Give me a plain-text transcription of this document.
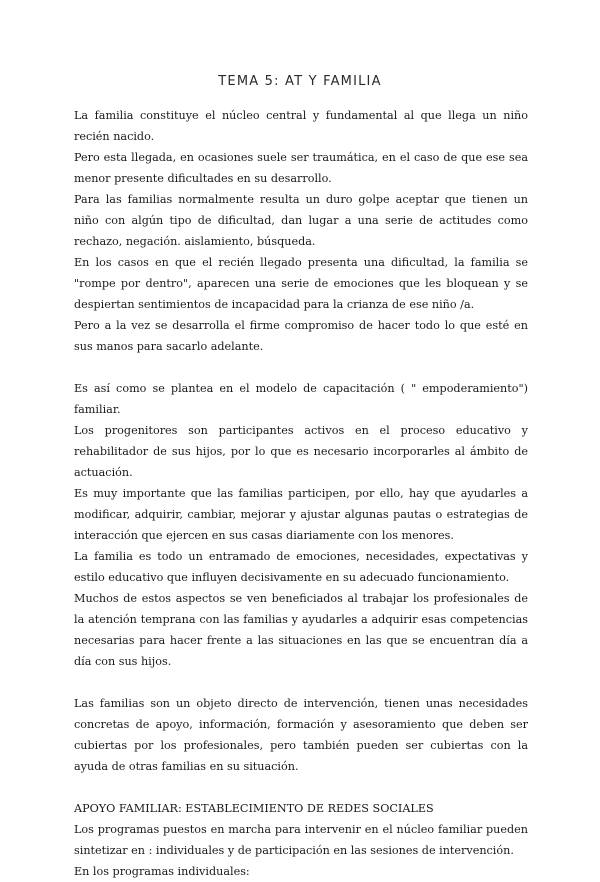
TEMA 5: AT Y FAMILIA

La familia constituye el núcleo central y fundamental al que llega un niño recién nacido.

Pero esta llegada, en ocasiones suele ser traumática, en el caso de que ese sea menor presente dificultades en su desarrollo.

Para las familias normalmente resulta un duro golpe aceptar que tienen un niño con algún tipo de dificultad, dan lugar a una serie de actitudes como rechazo, negación. aislamiento, búsqueda.

En los casos en que el recién llegado presenta una dificultad, la familia se "rompe por dentro", aparecen una serie de emociones que les bloquean y se despiertan sentimientos de incapacidad para la crianza de ese niño /a.

Pero a la vez se desarrolla el firme compromiso de hacer todo lo que esté en sus manos para sacarlo adelante.

Es así como se plantea en el modelo de capacitación ( " empoderamiento") familiar.

Los progenitores son participantes activos en el proceso educativo y rehabilitador de sus hijos, por lo que es necesario incorporarles al ámbito de actuación.

Es muy importante que las familias participen, por ello, hay que ayudarles a modificar, adquirir, cambiar, mejorar y ajustar algunas pautas o estrategias de interacción que ejercen en sus casas diariamente con los menores.

La familia es todo un entramado de emociones, necesidades, expectativas y estilo educativo que influyen decisivamente en su adecuado funcionamiento.

Muchos de estos aspectos se ven beneficiados al trabajar los profesionales de la atención temprana con las familias y ayudarles a adquirir esas competencias necesarias para hacer frente a las situaciones en las que se encuentran día a día con sus hijos.

Las familias son un objeto directo de intervención, tienen unas necesidades concretas de apoyo, información, formación y asesoramiento que deben ser cubiertas por los profesionales, pero también pueden ser cubiertas con la ayuda de otras familias en su situación.

APOYO FAMILIAR: ESTABLECIMIENTO DE REDES SOCIALES

Los programas puestos en marcha para intervenir en el núcleo familiar pueden sintetizar en : individuales y de participación en las sesiones de intervención.

En los programas individuales:
